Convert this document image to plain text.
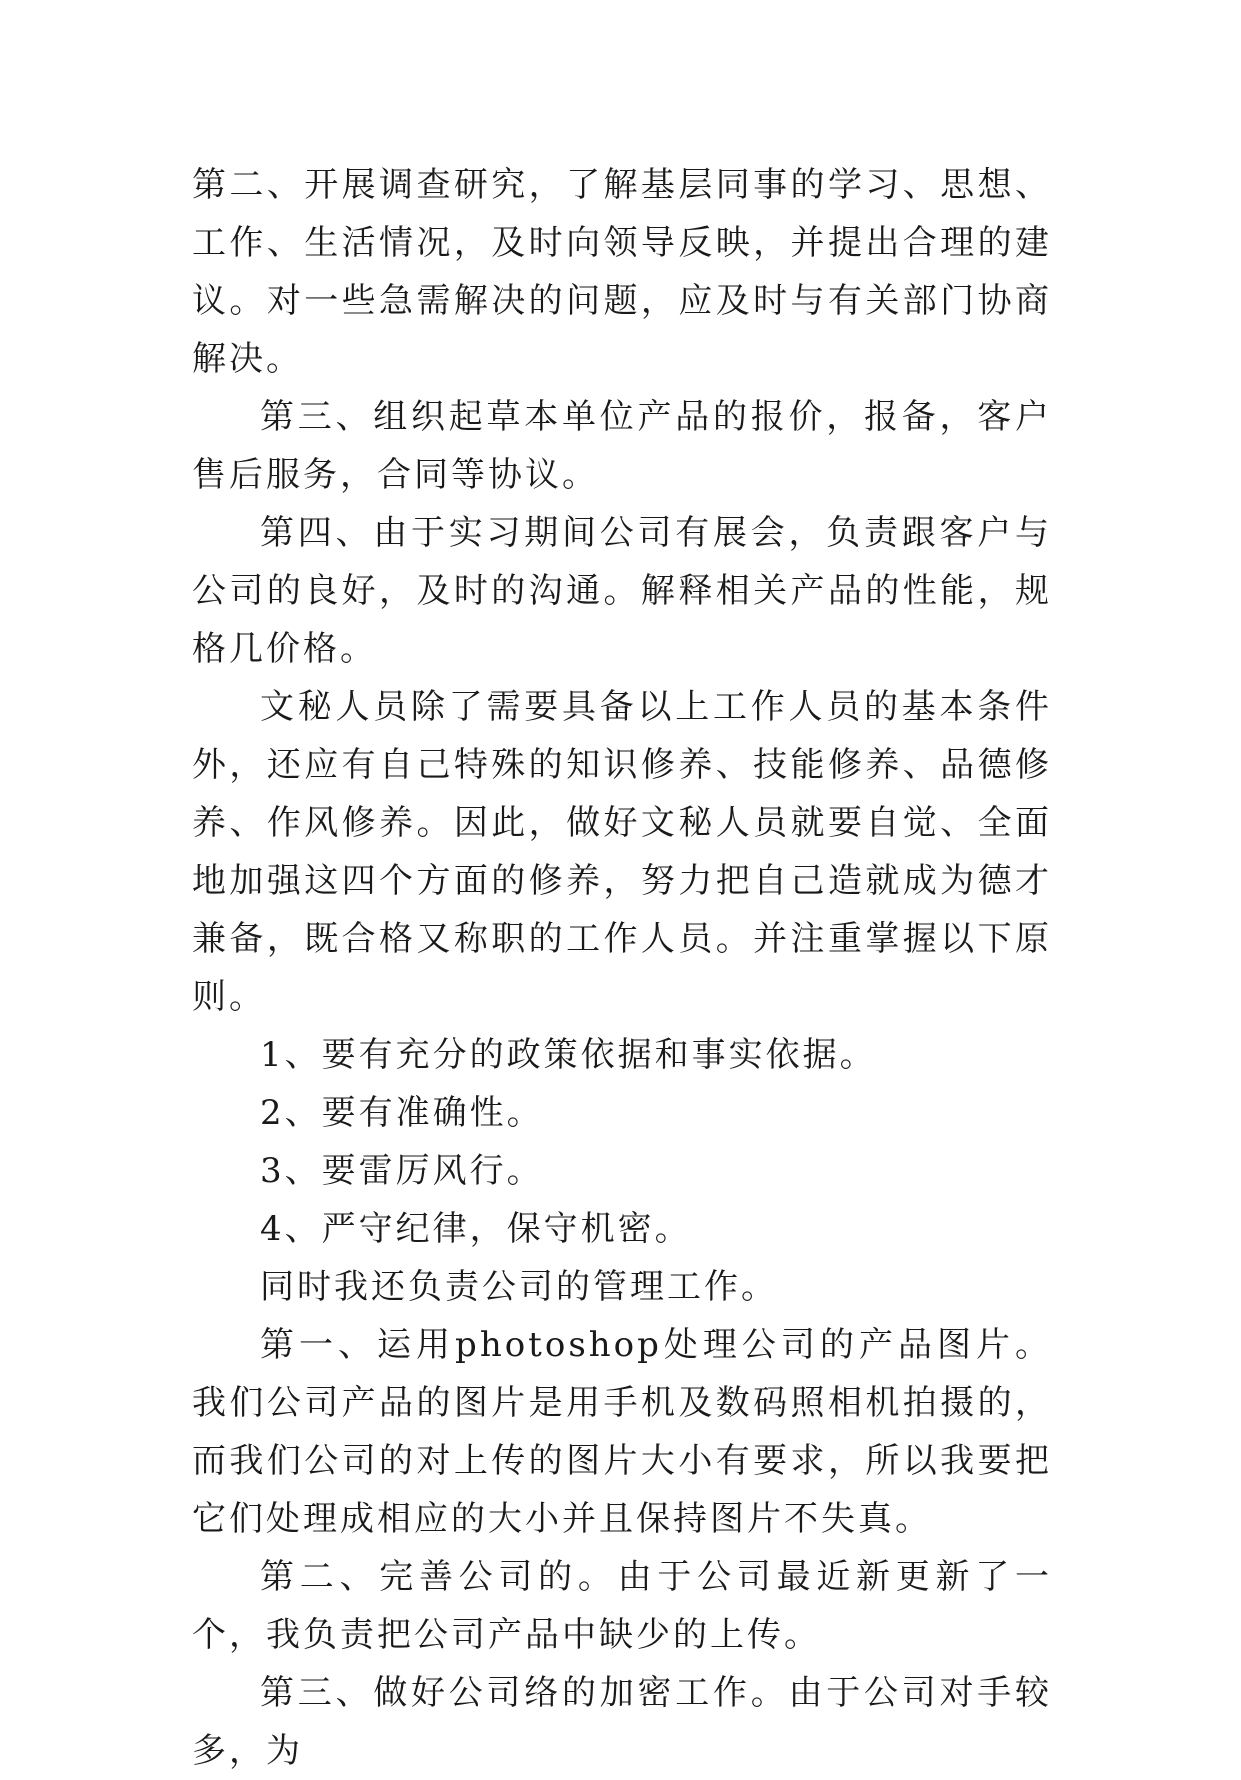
第二、开展调查研究，了解基层同事的学习、思想、工作、生活情况，及时向领导反映，并提出合理的建议。对一些急需解决的问题，应及时与有关部门协商解决。

第三、组织起草本单位产品的报价，报备，客户售后服务，合同等协议。

第四、由于实习期间公司有展会，负责跟客户与公司的良好，及时的沟通。解释相关产品的性能，规格几价格。

文秘人员除了需要具备以上工作人员的基本条件外，还应有自己特殊的知识修养、技能修养、品德修养、作风修养。因此，做好文秘人员就要自觉、全面地加强这四个方面的修养，努力把自己造就成为德才兼备，既合格又称职的工作人员。并注重掌握以下原则。

1、要有充分的政策依据和事实依据。

2、要有准确性。

3、要雷厉风行。

4、严守纪律，保守机密。

同时我还负责公司的管理工作。

第一、运用photoshop处理公司的产品图片。我们公司产品的图片是用手机及数码照相机拍摄的，而我们公司的对上传的图片大小有要求，所以我要把它们处理成相应的大小并且保持图片不失真。

第二、完善公司的。由于公司最近新更新了一个，我负责把公司产品中缺少的上传。

第三、做好公司络的加密工作。由于公司对手较多，为
